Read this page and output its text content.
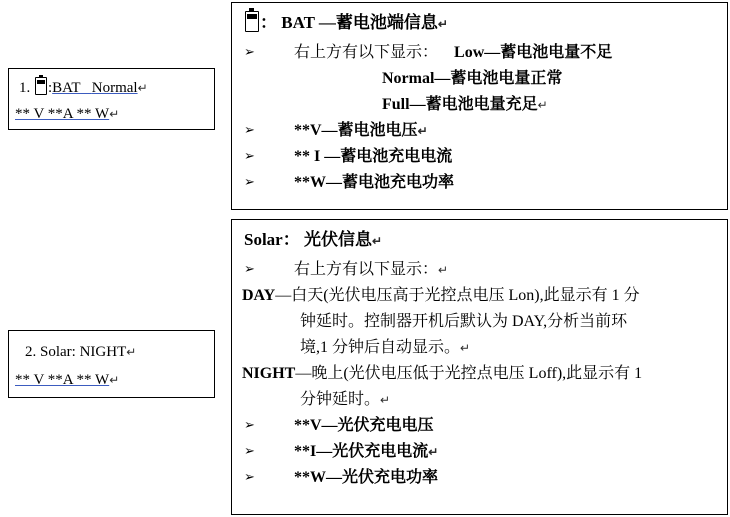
1. :BAT Normal↵
** V **A ** W↵
2. Solar: NIGHT↵
** V **A ** W↵
： BAT —蓄电池端信息↵
➢	右上方有以下显示： Low—蓄电池电量不足
Normal—蓄电池电量正常
Full—蓄电池电量充足↵
➢	**V—蓄电池电压↵
➢	** I —蓄电池充电电流
➢	**W—蓄电池充电功率
Solar： 光伏信息↵
➢	右上方有以下显示：↵
DAY—白天(光伏电压高于光控点电压 Lon),此显示有 1 分
钟延时。控制器开机后默认为 DAY,分析当前环
境,1 分钟后自动显示。↵
NIGHT—晚上(光伏电压低于光控点电压 Loff),此显示有 1
分钟延时。↵
➢	**V—光伏充电电压
➢	**I—光伏充电电流↵
➢	**W—光伏充电功率
